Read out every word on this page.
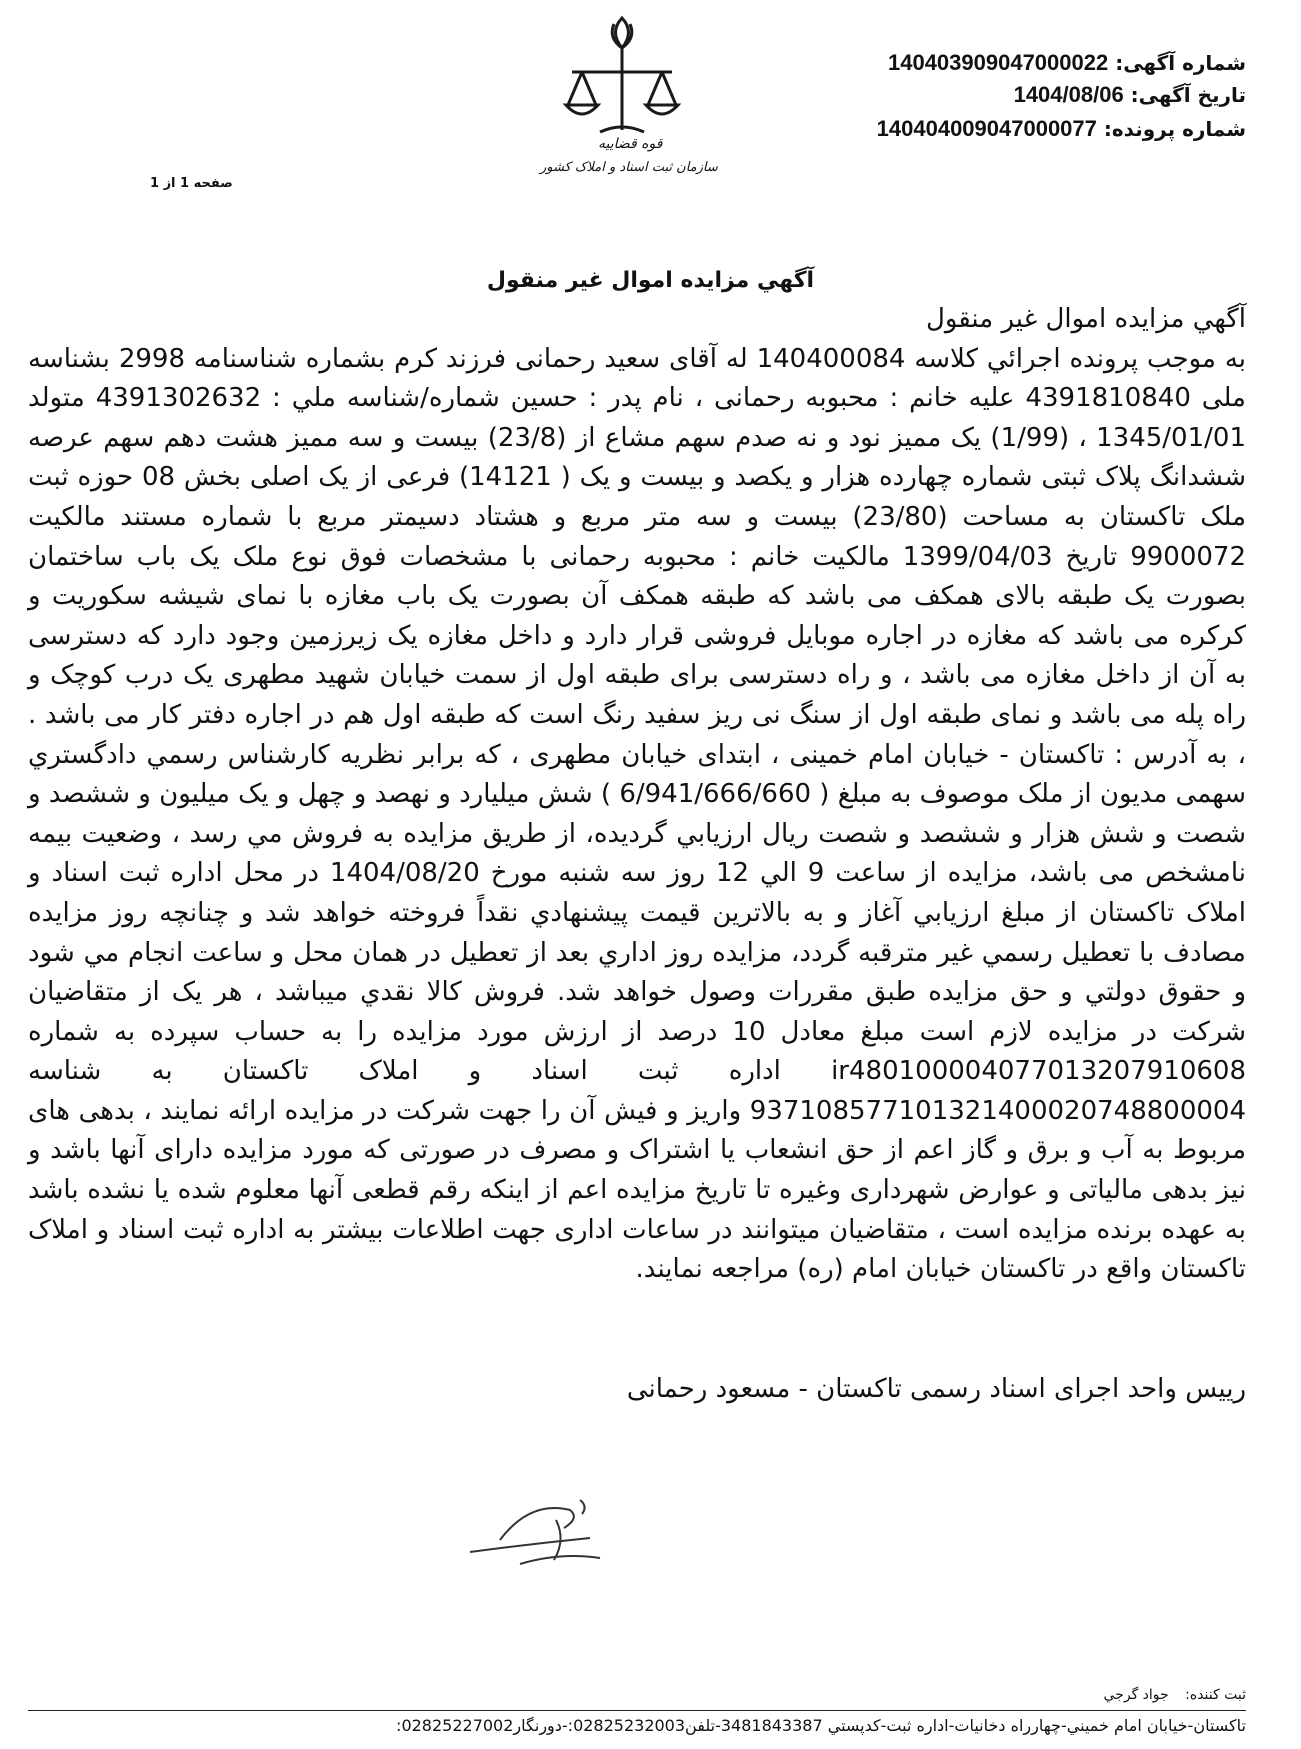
قوه قضاییه
سازمان ثبت اسناد و املاک کشور
شماره آگهی: 140403909047000022
تاریخ آگهی: 1404/08/06
شماره پرونده: 140404009047000077
صفحه 1 از 1
آگهي مزايده اموال غير منقول

آگهي مزايده اموال غير منقول

به موجب پرونده اجرائي كلاسه 140400084 له آقای سعید رحمانی فرزند کرم بشماره شناسنامه 2998 بشناسه ملی 4391810840 علیه خانم : محبوبه رحمانی ، نام پدر : حسین شماره/شناسه ملي : 4391302632 متولد 1345/01/01 ، (1/99) یک ممیز نود و نه صدم سهم مشاع از (23/8) بیست و سه ممیز هشت دهم سهم عرصه ششدانگ پلاک ثبتی شماره چهارده هزار و یکصد و بیست و یک ( 14121) فرعی از یک اصلی بخش 08 حوزه ثبت ملک تاکستان به مساحت (23/80) بیست و سه متر مربع و هشتاد دسیمتر مربع با شماره مستند مالکیت 9900072 تاریخ 1399/04/03 مالکیت خانم : محبوبه رحمانی با مشخصات فوق نوع ملک یک باب ساختمان بصورت یک طبقه بالای همکف می باشد که طبقه همکف آن بصورت یک باب مغازه با نمای شیشه سکوریت و کرکره می باشد که مغازه در اجاره موبایل فروشی قرار دارد و داخل مغازه یک زیرزمین وجود دارد که دسترسی به آن از داخل مغازه می باشد ، و راه دسترسی برای طبقه اول از سمت خیابان شهید مطهری یک درب کوچک و راه پله می باشد و نمای طبقه اول از سنگ نی ریز سفید رنگ است که طبقه اول هم در اجاره دفتر کار می باشد . ، به آدرس : تاکستان - خیابان امام خمینی ، ابتدای خیابان مطهری ، كه برابر نظريه كارشناس رسمي دادگستري سهمی مدیون از ملک موصوف به مبلغ ( 6/941/666/660 ) شش میلیارد و نهصد و چهل و یک میلیون و ششصد و شصت و شش هزار و ششصد و شصت ريال ارزيابي گرديده، از طريق مزايده به فروش مي رسد ، وضعیت بیمه نامشخص می باشد، مزايده از ساعت 9 الي 12 روز سه شنبه مورخ 1404/08/20 در محل اداره ثبت اسناد و املاک تاکستان از مبلغ ارزيابي آغاز و به بالاترين قيمت پيشنهادي نقداً فروخته خواهد شد و چنانچه روز مزايده مصادف با تعطيل رسمي غير مترقبه گردد، مزايده روز اداري بعد از تعطيل در همان محل و ساعت انجام مي شود و حقوق دولتي و حق مزايده طبق مقررات وصول خواهد شد. فروش كالا نقدي ميباشد ، هر یک از متقاضیان شرکت در مزایده لازم است مبلغ معادل 10 درصد از ارزش مورد مزایده را به حساب سپرده به شماره ir480100004077013207910608 اداره ثبت اسناد و املاک تاکستان به شناسه 937108577101321400020748800004 واریز و فیش آن را جهت شرکت در مزایده ارائه نمایند ، بدهی های مربوط به آب و برق و گاز اعم از حق انشعاب یا اشتراک و مصرف در صورتی که مورد مزایده دارای آنها باشد و نیز بدهی مالیاتی و عوارض شهرداری وغیره تا تاریخ مزایده اعم از اینکه رقم قطعی آنها معلوم شده یا نشده باشد به عهده برنده مزایده است ، متقاضیان میتوانند در ساعات اداری جهت اطلاعات بیشتر به اداره ثبت اسناد و املاک تاکستان واقع در تاکستان خیابان امام (ره) مراجعه نمایند.

رییس واحد اجرای اسناد رسمی تاکستان - مسعود رحمانی
ثبت کننده: جواد گرجي
تاکستان-خيابان امام خميني-چهارراه دخانيات-اداره ثبت-کدپستي 3481843387-تلفن02825232003:-دورنگار02825227002:
